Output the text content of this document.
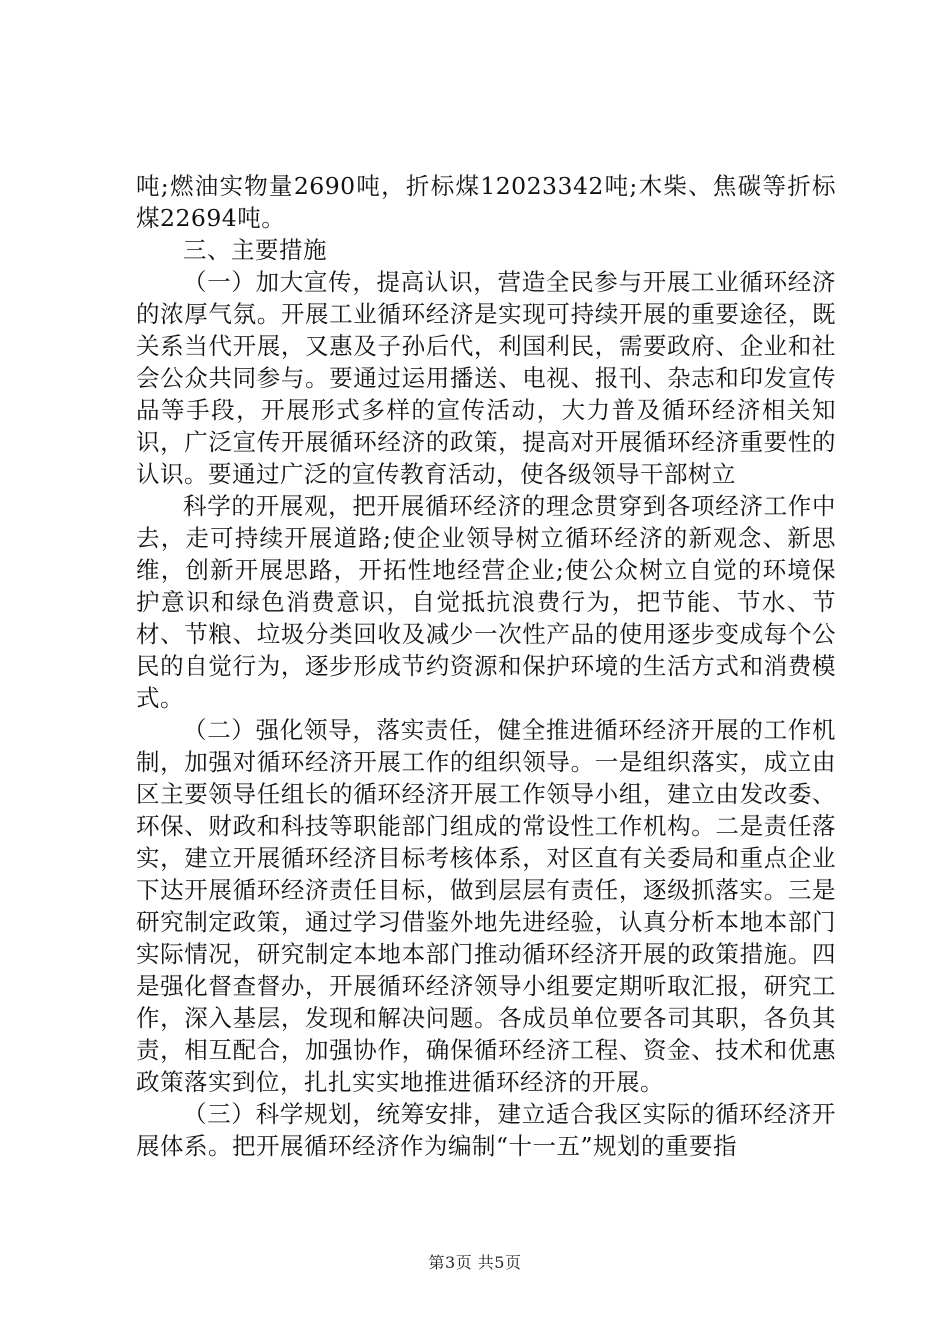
吨;燃油实物量2690吨，折标煤12023342吨;木柴、焦碳等折标煤22694吨。

三、主要措施

（一）加大宣传，提高认识，营造全民参与开展工业循环经济的浓厚气氛。开展工业循环经济是实现可持续开展的重要途径，既关系当代开展，又惠及子孙后代，利国利民，需要政府、企业和社会公众共同参与。要通过运用播送、电视、报刊、杂志和印发宣传品等手段，开展形式多样的宣传活动，大力普及循环经济相关知识，广泛宣传开展循环经济的政策，提高对开展循环经济重要性的认识。要通过广泛的宣传教育活动，使各级领导干部树立

科学的开展观，把开展循环经济的理念贯穿到各项经济工作中去，走可持续开展道路;使企业领导树立循环经济的新观念、新思维，创新开展思路，开拓性地经营企业;使公众树立自觉的环境保护意识和绿色消费意识，自觉抵抗浪费行为，把节能、节水、节材、节粮、垃圾分类回收及减少一次性产品的使用逐步变成每个公民的自觉行为，逐步形成节约资源和保护环境的生活方式和消费模式。

（二）强化领导，落实责任，健全推进循环经济开展的工作机制，加强对循环经济开展工作的组织领导。一是组织落实，成立由区主要领导任组长的循环经济开展工作领导小组，建立由发改委、环保、财政和科技等职能部门组成的常设性工作机构。二是责任落实，建立开展循环经济目标考核体系，对区直有关委局和重点企业下达开展循环经济责任目标，做到层层有责任，逐级抓落实。三是研究制定政策，通过学习借鉴外地先进经验，认真分析本地本部门实际情况，研究制定本地本部门推动循环经济开展的政策措施。四是强化督查督办，开展循环经济领导小组要定期听取汇报，研究工作，深入基层，发现和解决问题。各成员单位要各司其职，各负其责，相互配合，加强协作，确保循环经济工程、资金、技术和优惠政策落实到位，扎扎实实地推进循环经济的开展。

（三）科学规划，统筹安排，建立适合我区实际的循环经济开展体系。把开展循环经济作为编制“十一五”规划的重要指

第3页 共5页
